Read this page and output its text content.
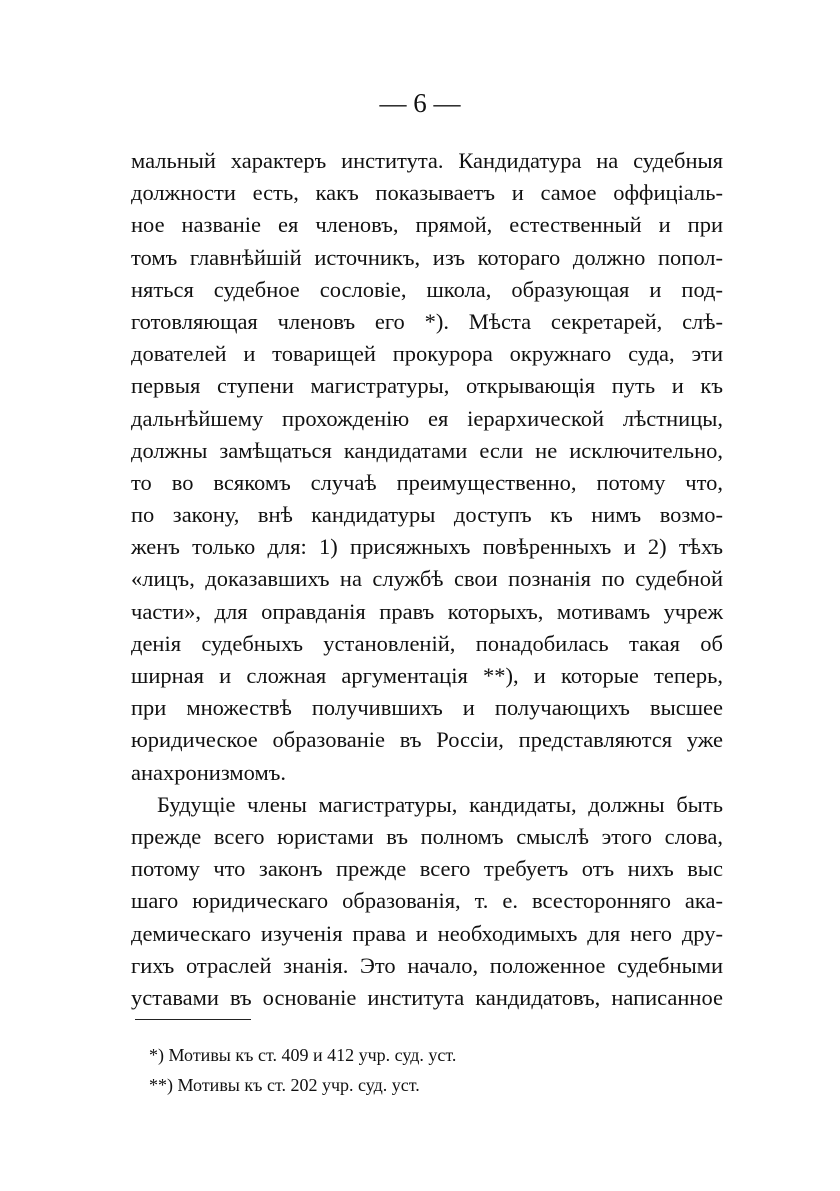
— 6 —
мальный характеръ института. Кандидатура на судебныя
должности есть, какъ показываетъ и самое оффиціаль-
ное названіе ея членовъ, прямой, естественный и при
томъ главнѣйшій источникъ, изъ котораго должно попол-
няться судебное сословіе, школа, образующая и под-
готовляющая членовъ его *). Мѣста секретарей, слѣ-
дователей и товарищей прокурора окружнаго суда, эти
первыя ступени магистратуры, открывающія путь и къ
дальнѣйшему прохожденію ея іерархической лѣстницы,
должны замѣщаться кандидатами если не исключительно,
то во всякомъ случаѣ преимущественно, потому что,
по закону, внѣ кандидатуры доступъ къ нимъ возмо-
женъ только для: 1) присяжныхъ повѣренныхъ и 2) тѣхъ
«лицъ, доказавшихъ на службѣ свои познанія по судебной
части», для оправданія правъ которыхъ, мотивамъ учреж
денія судебныхъ установленій, понадобилась такая об
ширная и сложная аргументація **), и которые теперь,
при множествѣ получившихъ и получающихъ высшее
юридическое образованіе въ Россіи, представляются уже
анахронизмомъ.
Будущіе члены магистратуры, кандидаты, должны быть
прежде всего юристами въ полномъ смыслѣ этого слова,
потому что законъ прежде всего требуетъ отъ нихъ выс
шаго юридическаго образованія, т. е. всесторонняго ака-
демическаго изученія права и необходимыхъ для него дру-
гихъ отраслей знанія. Это начало, положенное судебными
уставами въ основаніе института кандидатовъ, написанное
*) Мотивы къ ст. 409 и 412 учр. суд. уст.
**) Мотивы къ ст. 202 учр. суд. уст.
